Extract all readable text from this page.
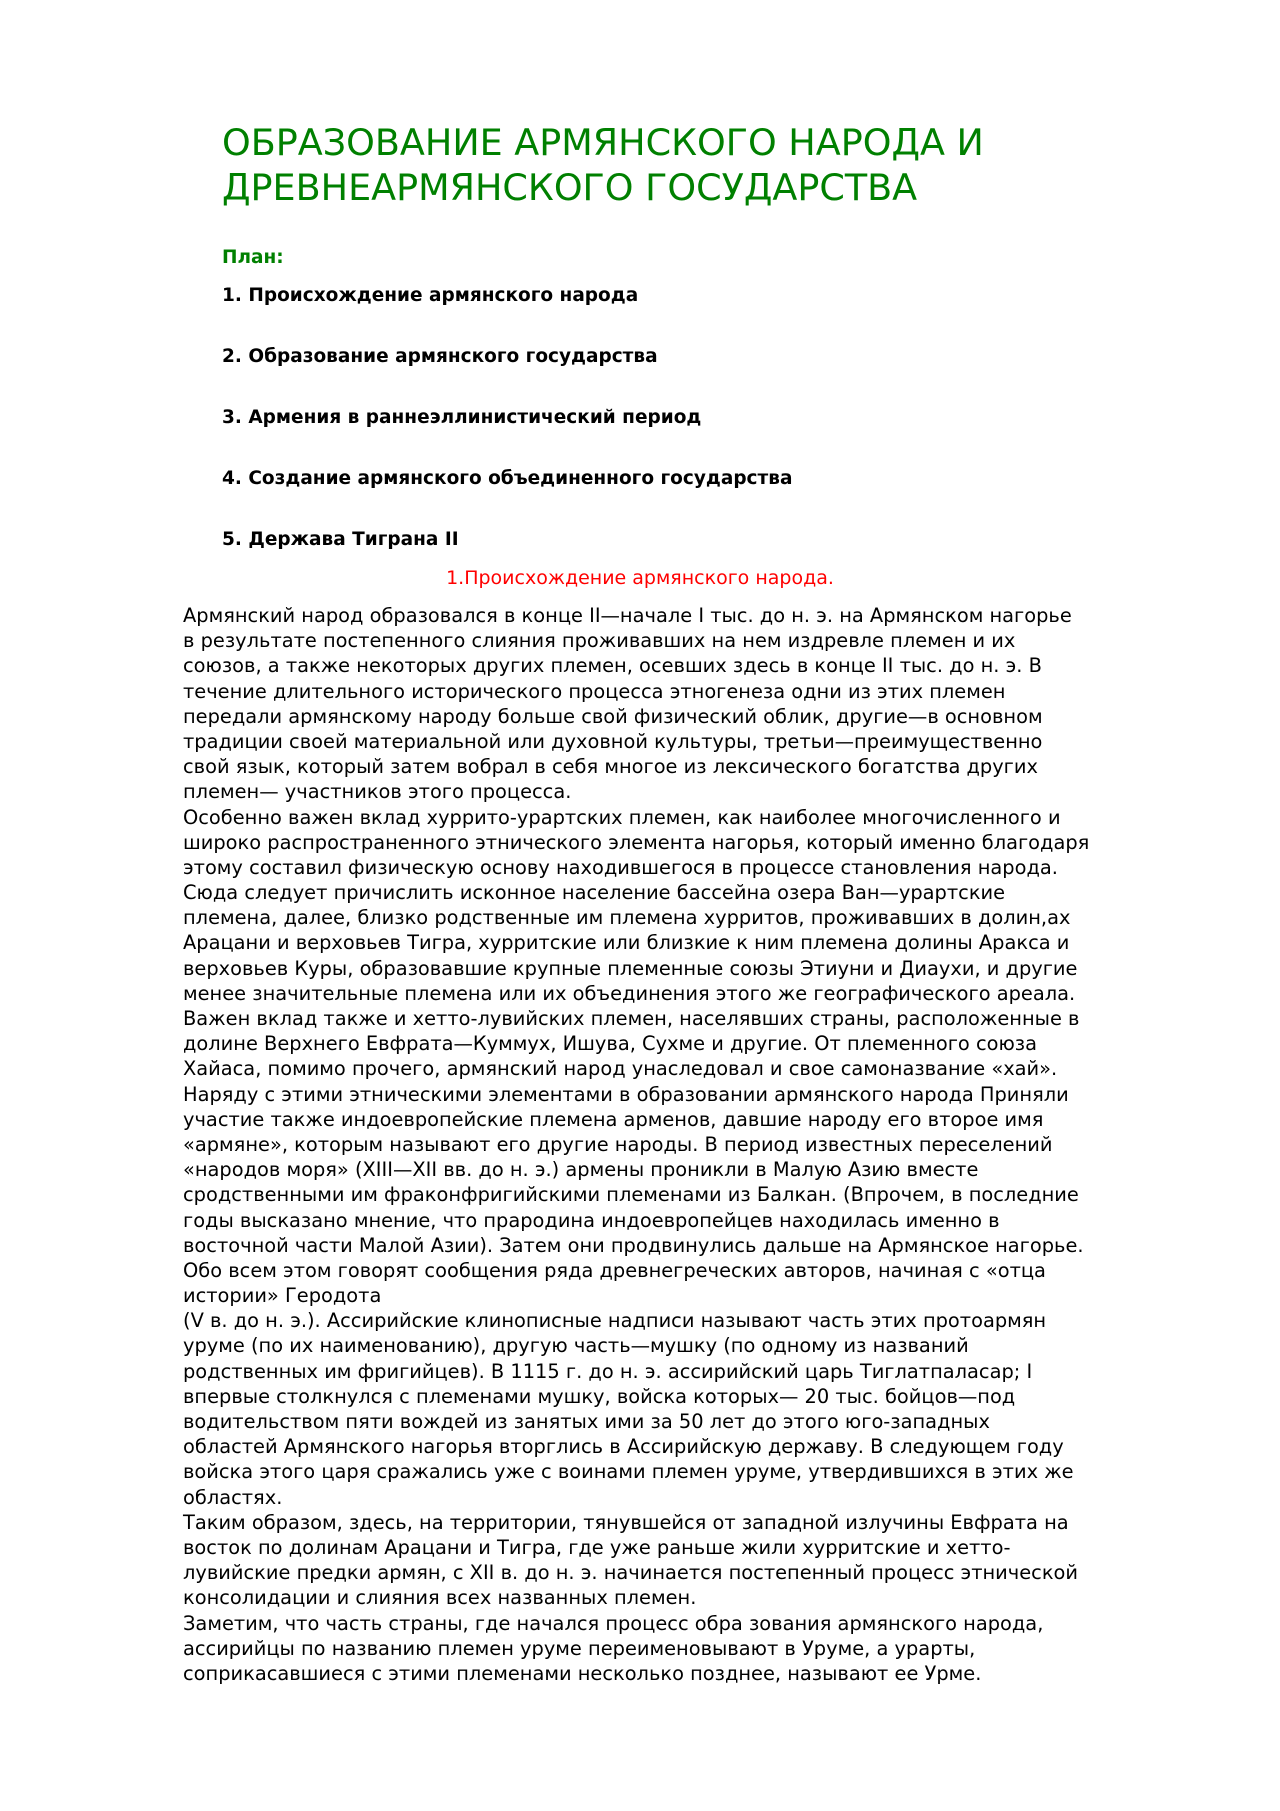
ОБРАЗОВАНИЕ АРМЯНСКОГО НАРОДА И ДРЕВНЕАРМЯНСКОГО ГОСУДАРСТВА

План:

1. Происхождение армянского народа
2. Образование армянского государства
3. Армения в раннеэллинистический период
4. Создание армянского объединенного государства
5. Держава Тиграна II
1.Происхождение армянского народа.
Армянский народ образовался в конце II—начале I тыс. до н. э. на Армянском нагорье
в результате постепенного слияния проживавших на нем издревле племен и их
союзов, а также некоторых других племен, осевших здесь в конце II тыс. до н. э. В
течение длительного исторического процесса этногенеза одни из этих племен
передали армянскому народу больше свой физический облик, другие—в основном
традиции своей материальной или духовной культуры, третьи—преимущественно
свой язык, который затем вобрал в себя многое из лексического богатства других
племен— участников этого процесса.
Особенно важен вклад хуррито-урартских племен, как наиболее многочисленного и
широко распространенного этнического элемента нагорья, который именно благодаря
этому составил физическую основу находившегося в процессе становления народа.
Сюда следует причислить исконное население бассейна озера Ван—урартские
племена, далее, близко родственные им племена хурритов, проживавших в долин,ах
Арацани и верховьев Тигра, хурритские или близкие к ним племена долины Аракса и
верховьев Куры, образовавшие крупные племенные союзы Этиуни и Диаухи, и другие
менее значительные племена или их объединения этого же географического ареала.
Важен вклад также и хетто-лувийских племен, населявших страны, расположенные в
долине Верхнего Евфрата—Куммух, Ишува, Сухме и другие. От племенного союза
Хайаса, помимо прочего, армянский народ унаследовал и свое самоназвание «хай».
Наряду с этими этническими элементами в образовании армянского народа Приняли
участие также индоевропейские племена арменов, давшие народу его второе имя
«армяне», которым называют его другие народы. В период известных переселений
«народов моря» (XIII—XII вв. до н. э.) армены проникли в Малую Азию вместе
сродственными им фраконфригийскими племенами из Балкан. (Впрочем, в последние
годы высказано мнение, что прародина индоевропейцев находилась именно в
восточной части Малой Азии). Затем они продвинулись дальше на Армянское нагорье.
Обо всем этом говорят сообщения ряда древнегреческих авторов, начиная с «отца
истории» Геродота
(V в. до н. э.). Ассирийские клинописные надписи называют часть этих протоармян
уруме (по их наименованию), другую часть—мушку (по одному из названий
родственных им фригийцев). В 1115 г. до н. э. ассирийский царь Тиглатпаласар; I
впервые столкнулся с племенами мушку, войска которых— 20 тыс. бойцов—под
водительством пяти вождей из занятых ими за 50 лет до этого юго-западных
областей Армянского нагорья вторглись в Ассирийскую державу. В следующем году
войска этого царя сражались уже с воинами племен уруме, утвердившихся в этих же
областях.
Таким образом, здесь, на территории, тянувшейся от западной излучины Евфрата на
восток по долинам Арацани и Тигра, где уже раньше жили хурритские и хетто-
лувийские предки армян, с XII в. до н. э. начинается постепенный процесс этнической
консолидации и слияния всех названных племен.
Заметим, что часть страны, где начался процесс обра зования армянского народа,
ассирийцы по названию племен уруме переименовывают в Уруме, а урарты,
соприкасавшиеся с этими племенами несколько позднее, называют ее Урме.
